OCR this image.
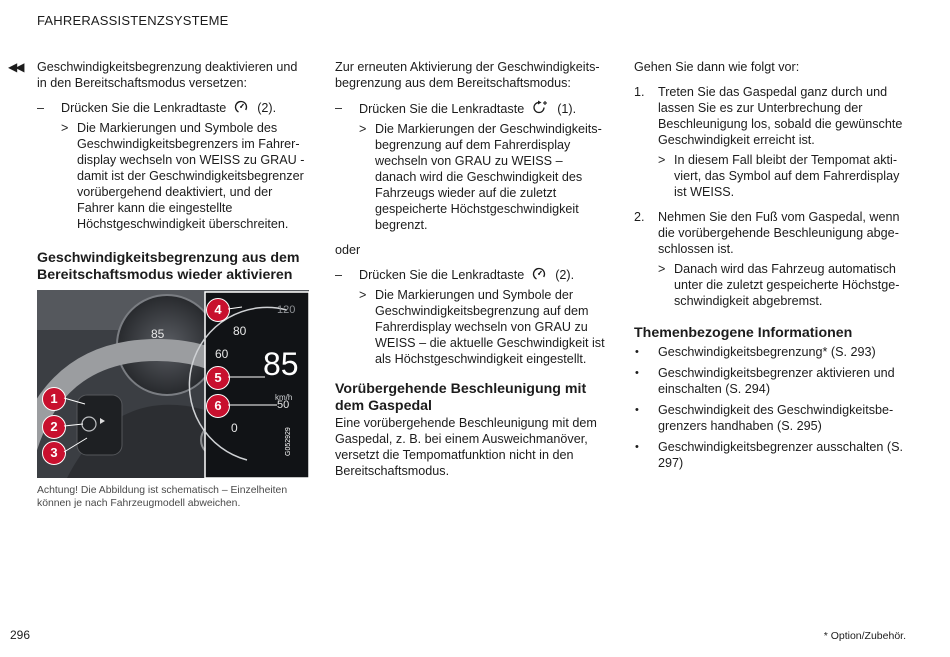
FAHRERASSISTENZSYSTEME
◀◀ Geschwindigkeitsbegrenzung deaktivieren und in den Bereitschaftsmodus versetzen:

– Drücken Sie die Lenkradtaste (2).
> Die Markierungen und Symbole des Geschwindigkeitsbegrenzers im Fahrerdisplay wechseln von WEISS zu GRAU - damit ist der Geschwindigkeitsbegrenzer vorübergehend deaktiviert, und der Fahrer kann die eingestellte Höchstgeschwindigkeit überschreiten.
Geschwindigkeitsbegrenzung aus dem Bereitschaftsmodus wieder aktivieren
85	80
60
50
0
120
85
km/h
G052929
1
2
3
4
5
6

Achtung! Die Abbildung ist schematisch – Einzelheiten können je nach Fahrzeugmodell abweichen.

Zur erneuten Aktivierung der Geschwindigkeitsbegrenzung aus dem Bereitschaftsmodus:

– Drücken Sie die Lenkradtaste	(1).
> Die Markierungen der Geschwindigkeitsbegrenzung auf dem Fahrerdisplay wechseln von GRAU zu WEISS – danach wird die Geschwindigkeit des Fahrzeugs wieder auf die zuletzt gespeicherte Höchstgeschwindigkeit begrenzt.

oder

– Drücken Sie die Lenkradtaste (2).
> Die Markierungen und Symbole der Geschwindigkeitsbegrenzung auf dem Fahrerdisplay wechseln von GRAU zu WEISS – die aktuelle Geschwindigkeit ist als Höchstgeschwindigkeit eingestellt.
Vorübergehende Beschleunigung mit dem Gaspedal

Eine vorübergehende Beschleunigung mit dem Gaspedal, z. B. bei einem Ausweichmanöver, versetzt die Tempomatfunktion nicht in den Bereitschaftsmodus.

Gehen Sie dann wie folgt vor:

1. Treten Sie das Gaspedal ganz durch und lassen Sie es zur Unterbrechung der Beschleunigung los, sobald die gewünschte Geschwindigkeit erreicht ist.
> In diesem Fall bleibt der Tempomat aktiviert, das Symbol auf dem Fahrerdisplay ist WEISS.
2. Nehmen Sie den Fuß vom Gaspedal, wenn die vorübergehende Beschleunigung abgeschlossen ist.
> Danach wird das Fahrzeug automatisch unter die zuletzt gespeicherte Höchstgeschwindigkeit abgebremst.
Themenbezogene Informationen
• Geschwindigkeitsbegrenzung* (S. 293)
• Geschwindigkeitsbegrenzer aktivieren und einschalten (S. 294)
• Geschwindigkeit des Geschwindigkeitsbegrenzers handhaben (S. 295)
• Geschwindigkeitsbegrenzer ausschalten (S. 297)
296	* Option/Zubehör.
